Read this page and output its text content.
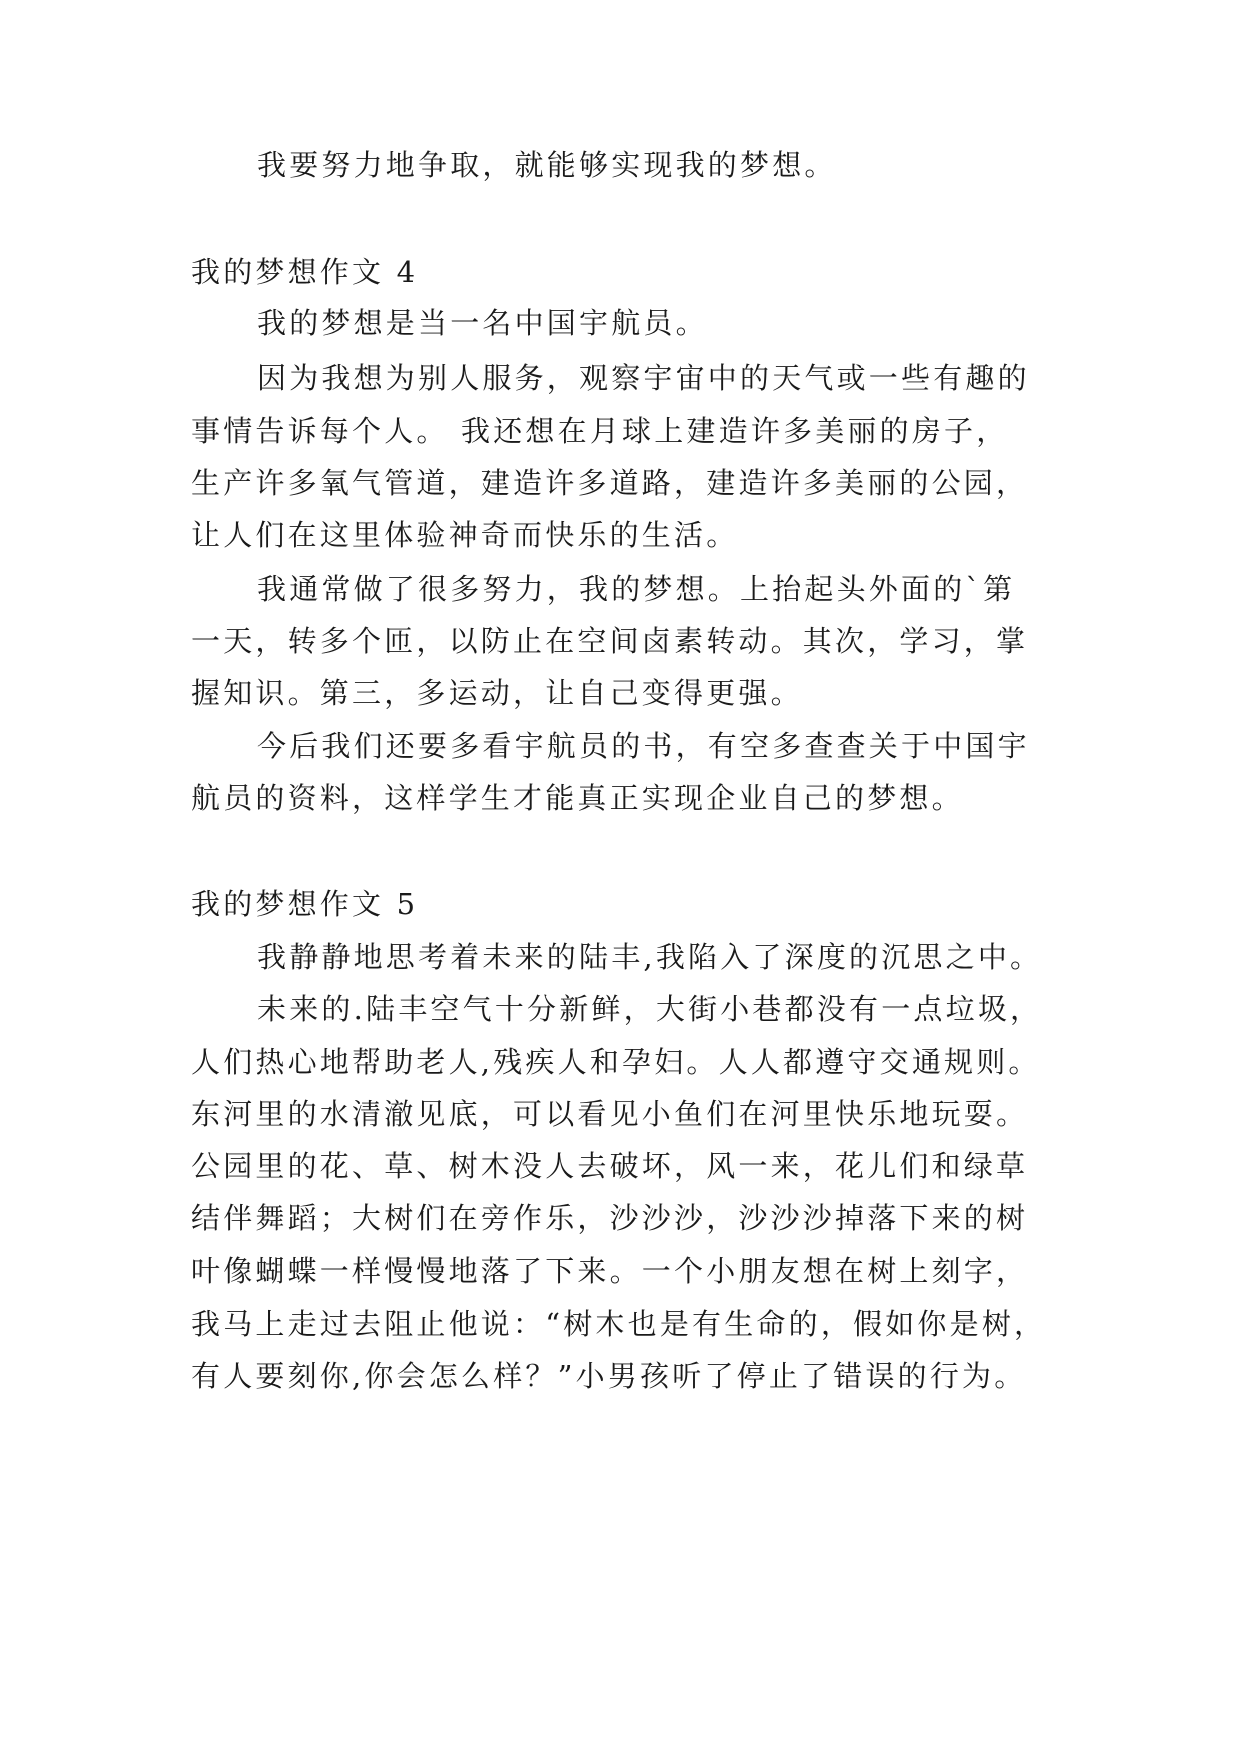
我要努力地争取，就能够实现我的梦想。
我的梦想作文 4
我的梦想是当一名中国宇航员。
因为我想为别人服务，观察宇宙中的天气或一些有趣的
事情告诉每个人。 我还想在月球上建造许多美丽的房子，
生产许多氧气管道，建造许多道路，建造许多美丽的公园，
让人们在这里体验神奇而快乐的生活。
我通常做了很多努力，我的梦想。上抬起头外面的`第
一天，转多个匝，以防止在空间卤素转动。其次，学习，掌
握知识。第三，多运动，让自己变得更强。
今后我们还要多看宇航员的书，有空多查查关于中国宇
航员的资料，这样学生才能真正实现企业自己的梦想。
我的梦想作文 5
我静静地思考着未来的陆丰,我陷入了深度的沉思之中。
未来的.陆丰空气十分新鲜，大街小巷都没有一点垃圾，
人们热心地帮助老人,残疾人和孕妇。人人都遵守交通规则。
东河里的水清澈见底，可以看见小鱼们在河里快乐地玩耍。
公园里的花、草、树木没人去破坏，风一来，花儿们和绿草
结伴舞蹈；大树们在旁作乐，沙沙沙，沙沙沙掉落下来的树
叶像蝴蝶一样慢慢地落了下来。一个小朋友想在树上刻字，
我马上走过去阻止他说：“树木也是有生命的，假如你是树，
有人要刻你,你会怎么样？”小男孩听了停止了错误的行为。
